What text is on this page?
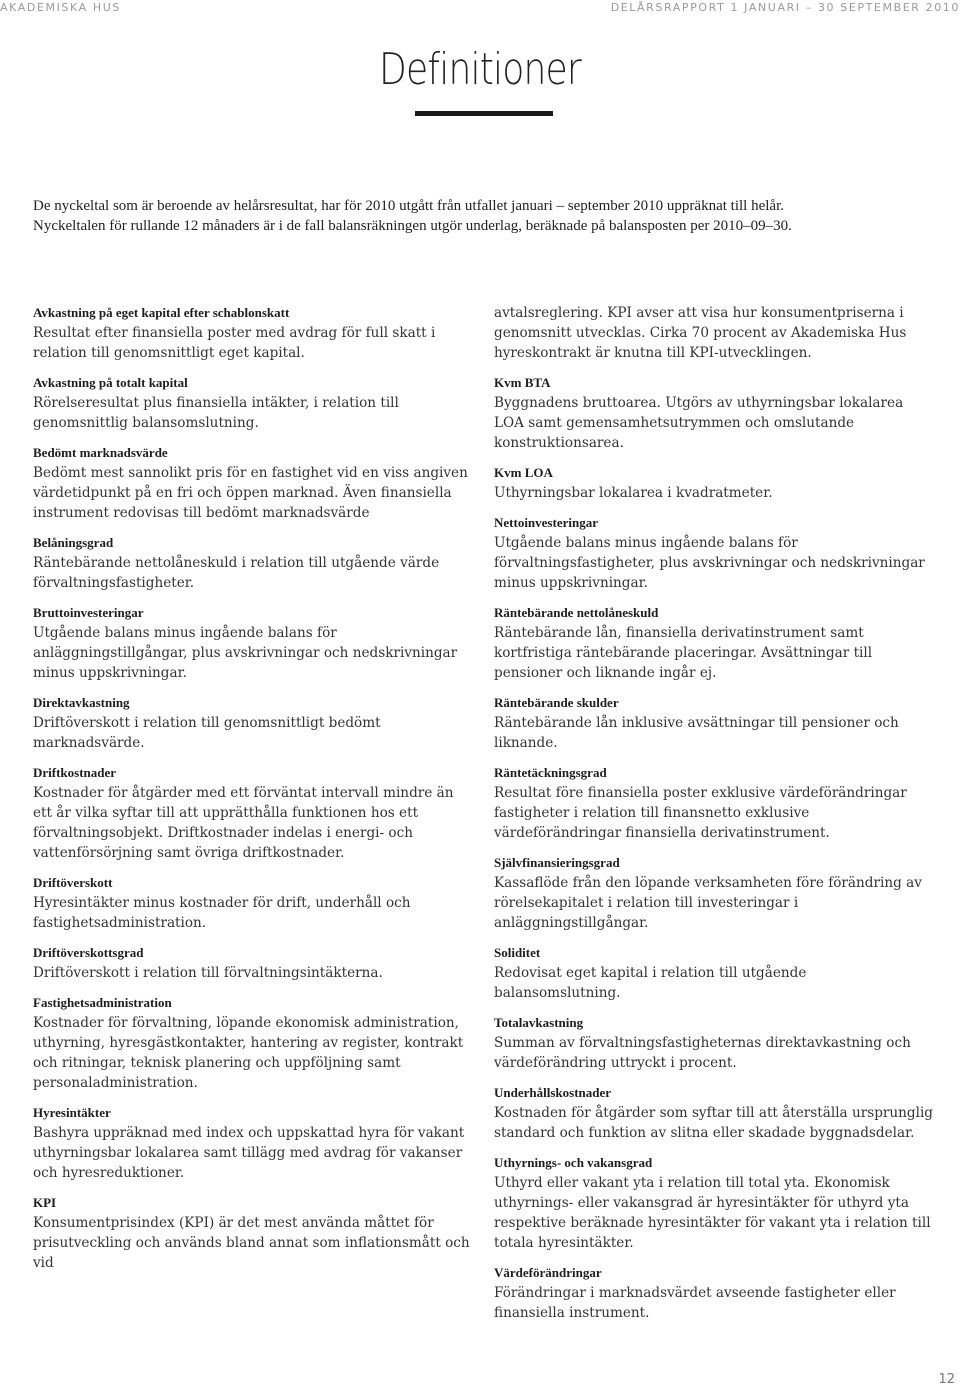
AKADEMISKA HUS	DELÅRSRAPPORT 1 JANUARI – 30 SEPTEMBER 2010
Definitioner

De nyckeltal som är beroende av helårsresultat, har för 2010 utgått från utfallet januari – september 2010 uppräknat till helår.

Nyckeltalen för rullande 12 månaders är i de fall balansräkningen utgör underlag, beräknade på balansposten per 2010–09–30.

Avkastning på eget kapital efter schablonskatt
Resultat efter finansiella poster med avdrag för full skatt i relation till genomsnittligt eget kapital.
Avkastning på totalt kapital
Rörelseresultat plus finansiella intäkter, i relation till genomsnittlig balansomslutning.
Bedömt marknadsvärde
Bedömt mest sannolikt pris för en fastighet vid en viss angiven värdetidpunkt på en fri och öppen marknad. Även finansiella instrument redovisas till bedömt marknadsvärde
Belåningsgrad
Räntebärande nettolåneskuld i relation till utgående värde förvaltningsfastigheter.
Bruttoinvesteringar
Utgående balans minus ingående balans för anläggningstillgångar, plus avskrivningar och nedskrivningar minus uppskrivningar.
Direktavkastning
Driftöverskott i relation till genomsnittligt bedömt marknadsvärde.
Driftkostnader
Kostnader för åtgärder med ett förväntat intervall mindre än ett år vilka syftar till att upprätthålla funktionen hos ett förvaltningsobjekt. Driftkostnader indelas i energi- och vattenförsörjning samt övriga driftkostnader.
Driftöverskott
Hyresintäkter minus kostnader för drift, underhåll och fastighetsadministration.
Driftöverskottsgrad
Driftöverskott i relation till förvaltningsintäkterna.
Fastighetsadministration
Kostnader för förvaltning, löpande ekonomisk administration, uthyrning, hyresgästkontakter, hantering av register, kontrakt och ritningar, teknisk planering och uppföljning samt personaladministration.
Hyresintäkter
Bashyra uppräknad med index och uppskattad hyra för vakant uthyrningsbar lokalarea samt tillägg med avdrag för vakanser och hyresreduktioner.
KPI
Konsumentprisindex (KPI) är det mest använda måttet för prisutveckling och används bland annat som inflationsmått och vid
avtalsreglering. KPI avser att visa hur konsumentpriserna i genomsnitt utvecklas. Cirka 70 procent av Akademiska Hus hyreskontrakt är knutna till KPI-utvecklingen.
Kvm BTA
Byggnadens bruttoarea. Utgörs av uthyrningsbar lokalarea LOA samt gemensamhetsutrymmen och omslutande konstruktionsarea.
Kvm LOA
Uthyrningsbar lokalarea i kvadratmeter.
Nettoinvesteringar
Utgående balans minus ingående balans för förvaltningsfastigheter, plus avskrivningar och nedskrivningar minus uppskrivningar.
Räntebärande nettolåneskuld
Räntebärande lån, finansiella derivatinstrument samt kortfristiga räntebärande placeringar. Avsättningar till pensioner och liknande ingår ej.
Räntebärande skulder
Räntebärande lån inklusive avsättningar till pensioner och liknande.
Räntetäckningsgrad
Resultat före finansiella poster exklusive värdeförändringar fastigheter i relation till finansnetto exklusive värdeförändringar finansiella derivatinstrument.
Självfinansieringsgrad
Kassaflöde från den löpande verksamheten före förändring av rörelsekapitalet i relation till investeringar i anläggningstillgångar.
Soliditet
Redovisat eget kapital i relation till utgående balansomslutning.
Totalavkastning
Summan av förvaltningsfastigheternas direktavkastning och värdeförändring uttryckt i procent.
Underhållskostnader
Kostnaden för åtgärder som syftar till att återställa ursprunglig standard och funktion av slitna eller skadade byggnadsdelar.
Uthyrnings- och vakansgrad
Uthyrd eller vakant yta i relation till total yta. Ekonomisk uthyrnings- eller vakansgrad är hyresintäkter för uthyrd yta respektive beräknade hyresintäkter för vakant yta i relation till totala hyresintäkter.
Värdeförändringar
Förändringar i marknadsvärdet avseende fastigheter eller finansiella instrument.
12
